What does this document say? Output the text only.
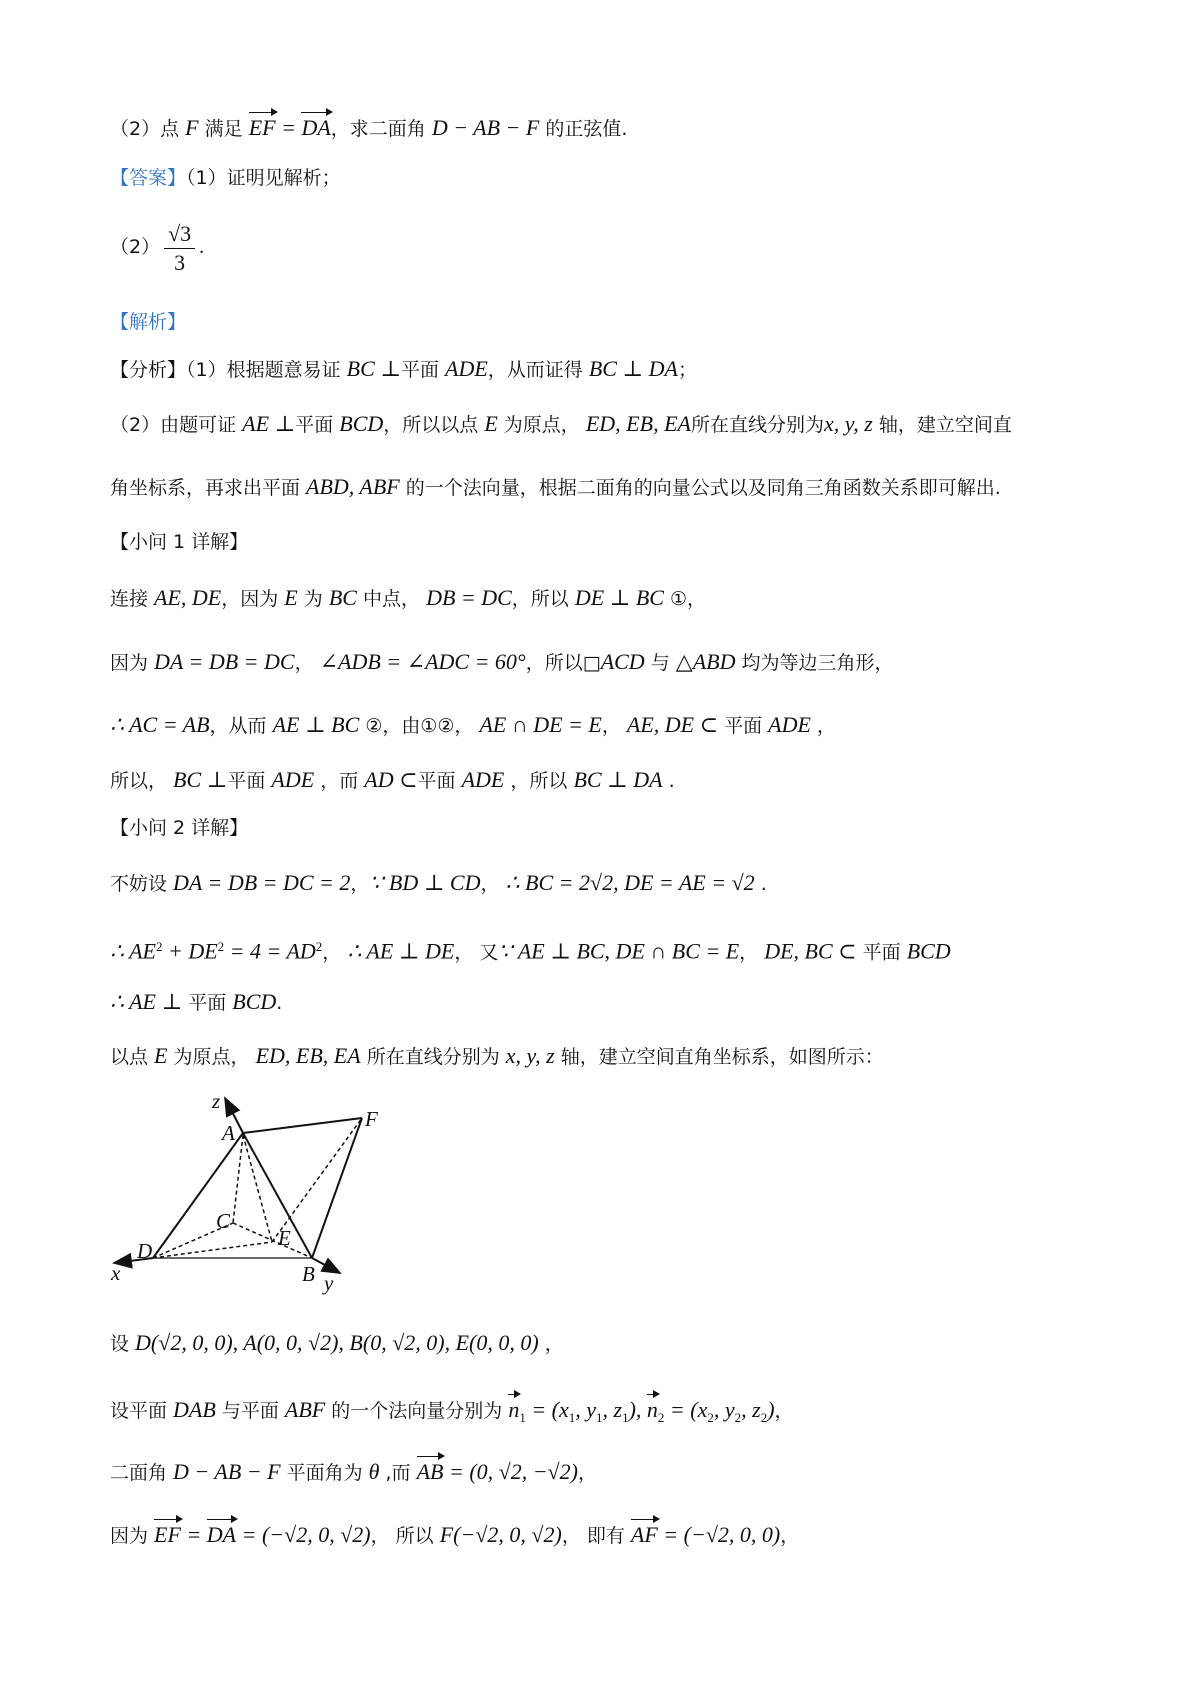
（2）点 F 满足 EF = DA，求二面角 D − AB − F 的正弦值.
【答案】（1）证明见解析；
$(2) \frac{√3}{3}$ .
【解析】
【分析】（1）根据题意易证 BC ⊥平面 ADE，从而证得 BC ⊥ DA；
（2）由题可证 AE ⊥平面 BCD，所以以点 E 为原点， ED, EB, EA所在直线分别为x, y, z 轴，建立空间直
角坐标系，再求出平面 ABD, ABF 的一个法向量，根据二面角的向量公式以及同角三角函数关系即可解出.
【小问 1 详解】
连接 AE, DE，因为 E 为 BC 中点， DB = DC，所以 DE ⊥ BC ①，
因为 DA = DB = DC， ∠ADB = ∠ADC = 60°，所以□ACD 与 △ABD 均为等边三角形，
∴ AC = AB，从而 AE ⊥ BC ②，由①②， AE ∩ DE = E， AE, DE ⊂ 平面 ADE ，
所以， BC ⊥平面 ADE ，而 AD ⊂平面 ADE ，所以 BC ⊥ DA .
【小问 2 详解】
不妨设 DA = DB = DC = 2，∵ BD ⊥ CD， ∴ BC = 2√2, DE = AE = √2 .
∴ $AE^2 + DE^2 = 4 = AD^2$， ∴ AE ⊥ DE， 又∵ AE ⊥ BC, DE ∩ BC = E， DE, BC ⊂ 平面 BCD
∴ AE ⊥ 平面 BCD.
以点 E 为原点， ED, EB, EA 所在直线分别为 x, y, z 轴，建立空间直角坐标系，如图所示：
z
A
F
C
E
D
B
x	y
设 D(√2, 0, 0), A(0, 0, √2), B(0, √2, 0), E(0, 0, 0) ，
设平面 DAB 与平面 ABF 的一个法向量分别为 $n_1 = (x_1$, $y_1$, $z_1$), $n_2 = (x_2$, $y_2$, $z_2$)，
二面角 D − AB − F 平面角为 θ ,而 AB = (0, √2, −√2)，
因为 EF = DA = (−√2, 0, √2)， 所以 F(−√2, 0, √2)， 即有 AF = (−√2, 0, 0)，
